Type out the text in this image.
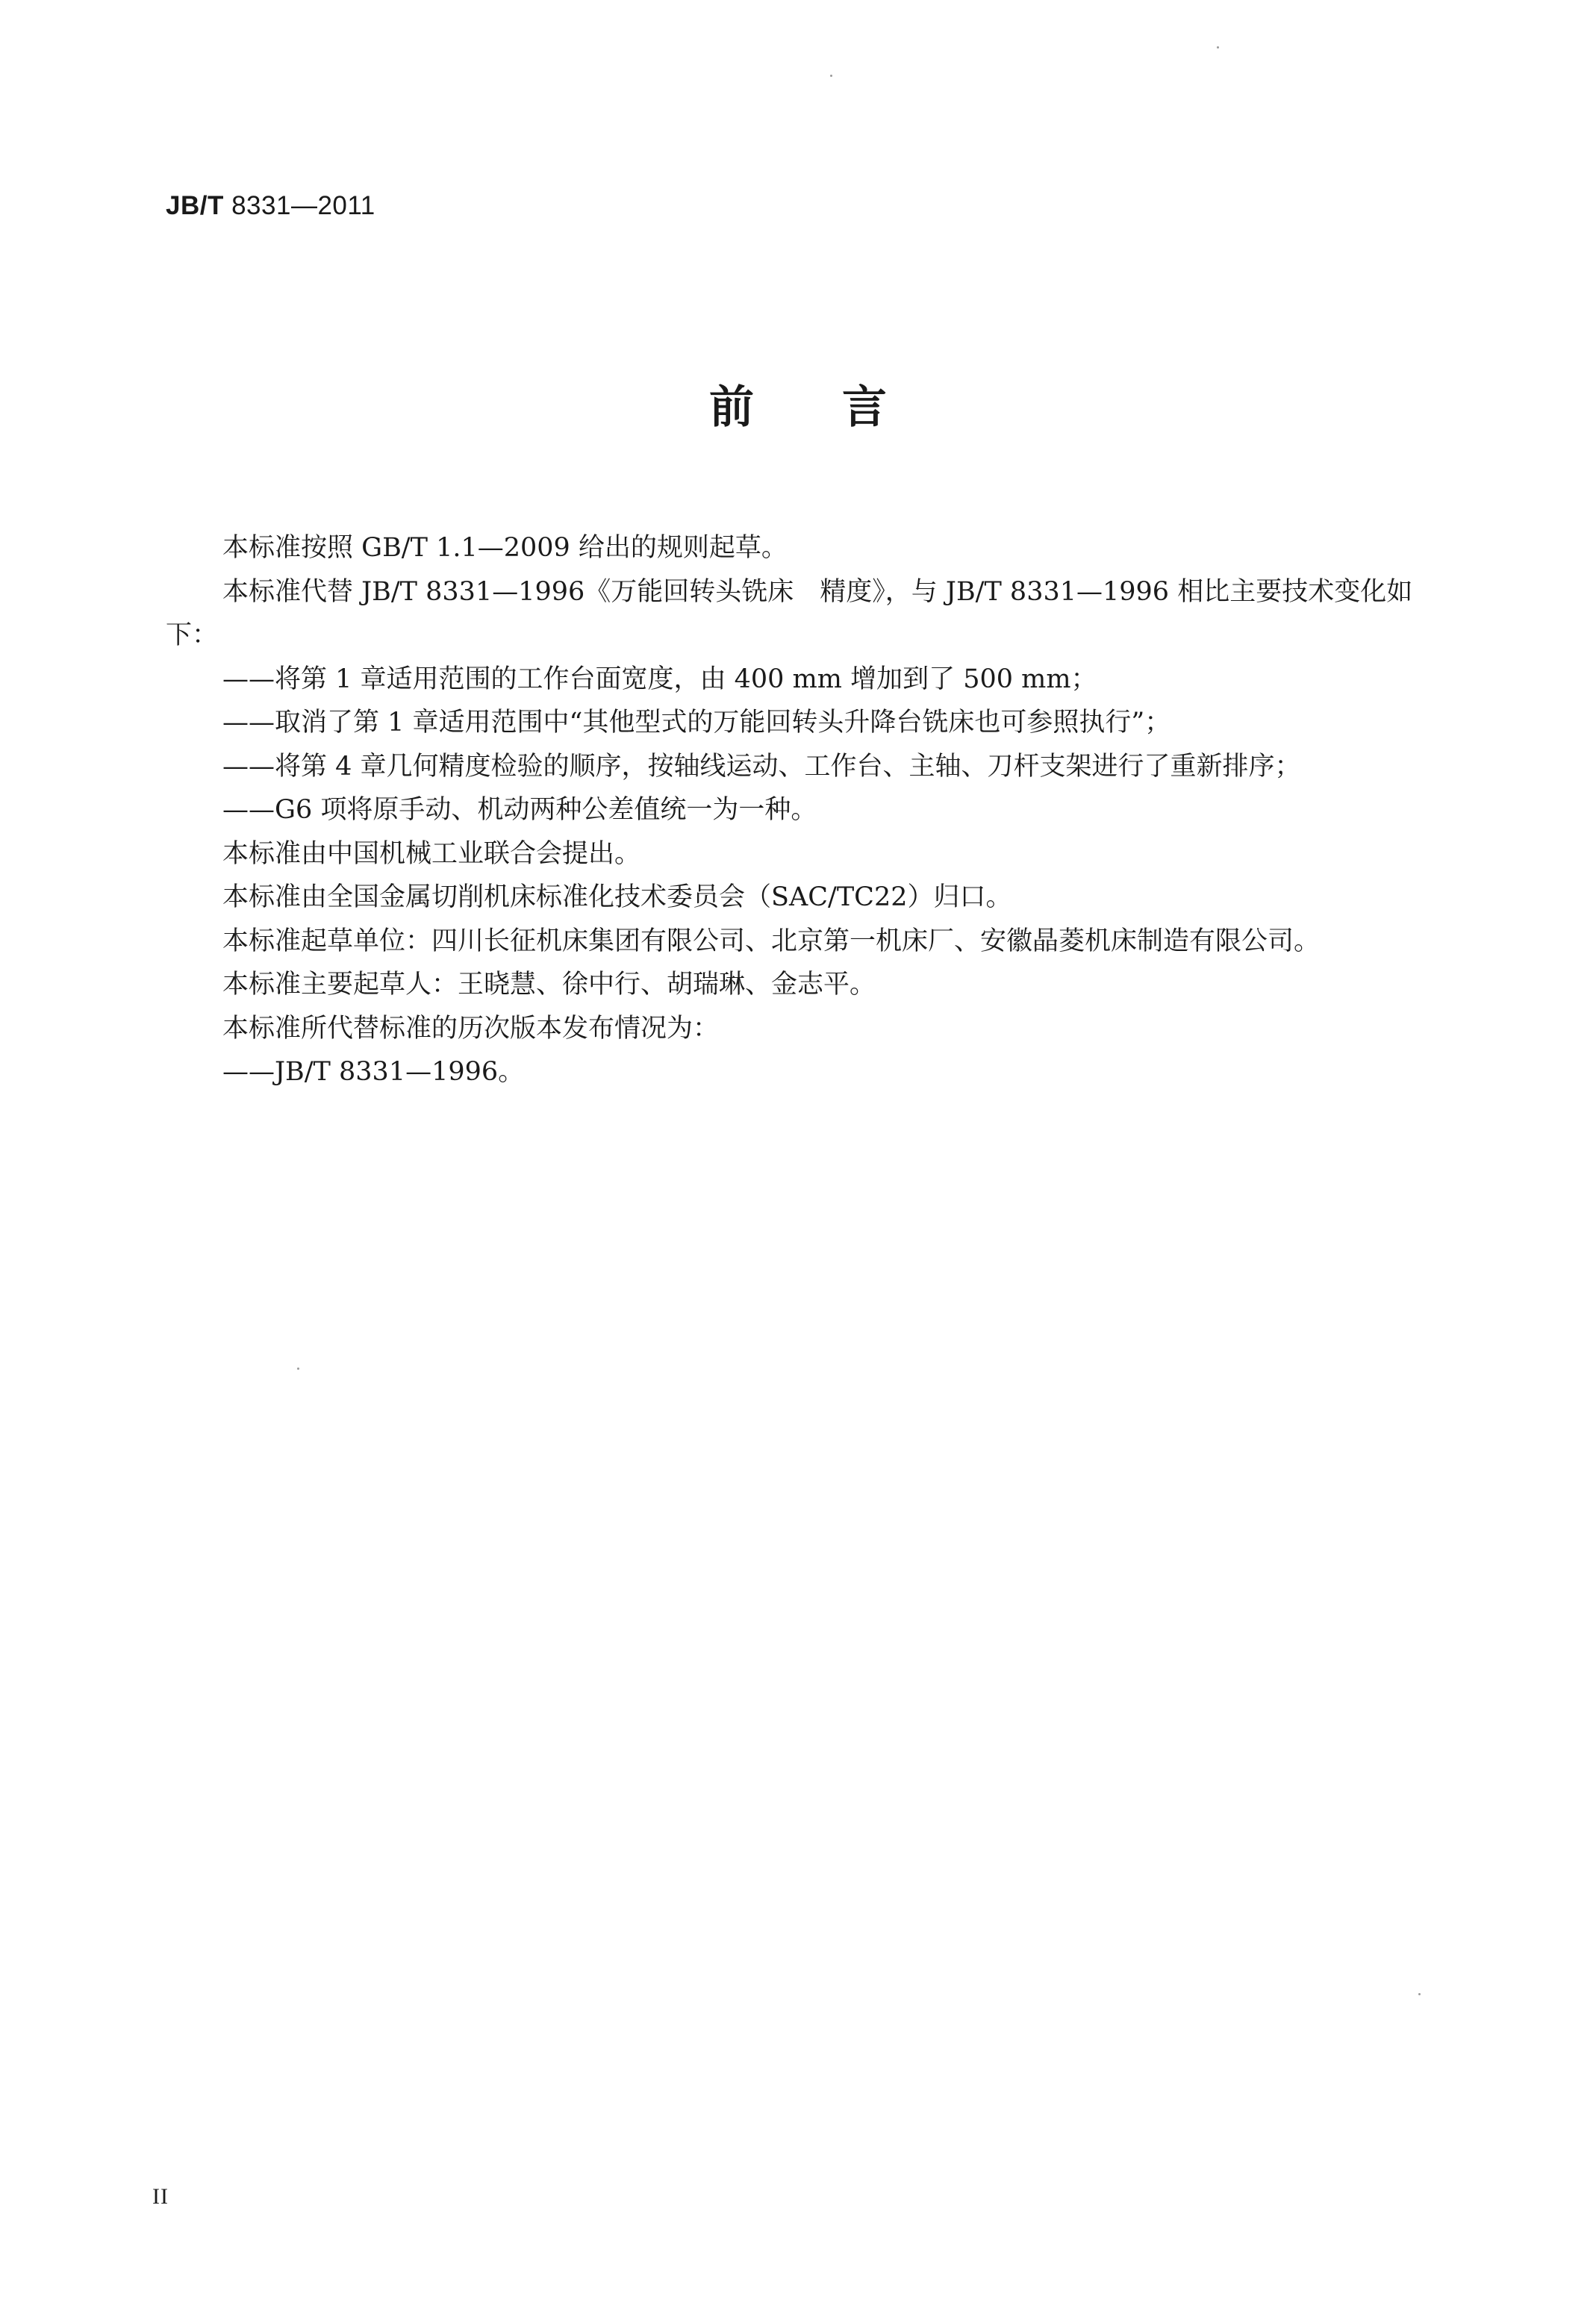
JB/T 8331—2011
前言

本标准按照 GB/T 1.1—2009 给出的规则起草。

本标准代替 JB/T 8331—1996《万能回转头铣床　精度》，与 JB/T 8331—1996 相比主要技术变化如

下：

——将第 1 章适用范围的工作台面宽度，由 400 mm 增加到了 500 mm；

——取消了第 1 章适用范围中“其他型式的万能回转头升降台铣床也可参照执行”；

——将第 4 章几何精度检验的顺序，按轴线运动、工作台、主轴、刀杆支架进行了重新排序；

——G6 项将原手动、机动两种公差值统一为一种。

本标准由中国机械工业联合会提出。

本标准由全国金属切削机床标准化技术委员会（SAC/TC22）归口。

本标准起草单位：四川长征机床集团有限公司、北京第一机床厂、安徽晶菱机床制造有限公司。

本标准主要起草人：王晓慧、徐中行、胡瑞琳、金志平。

本标准所代替标准的历次版本发布情况为：

——JB/T 8331—1996。

II
